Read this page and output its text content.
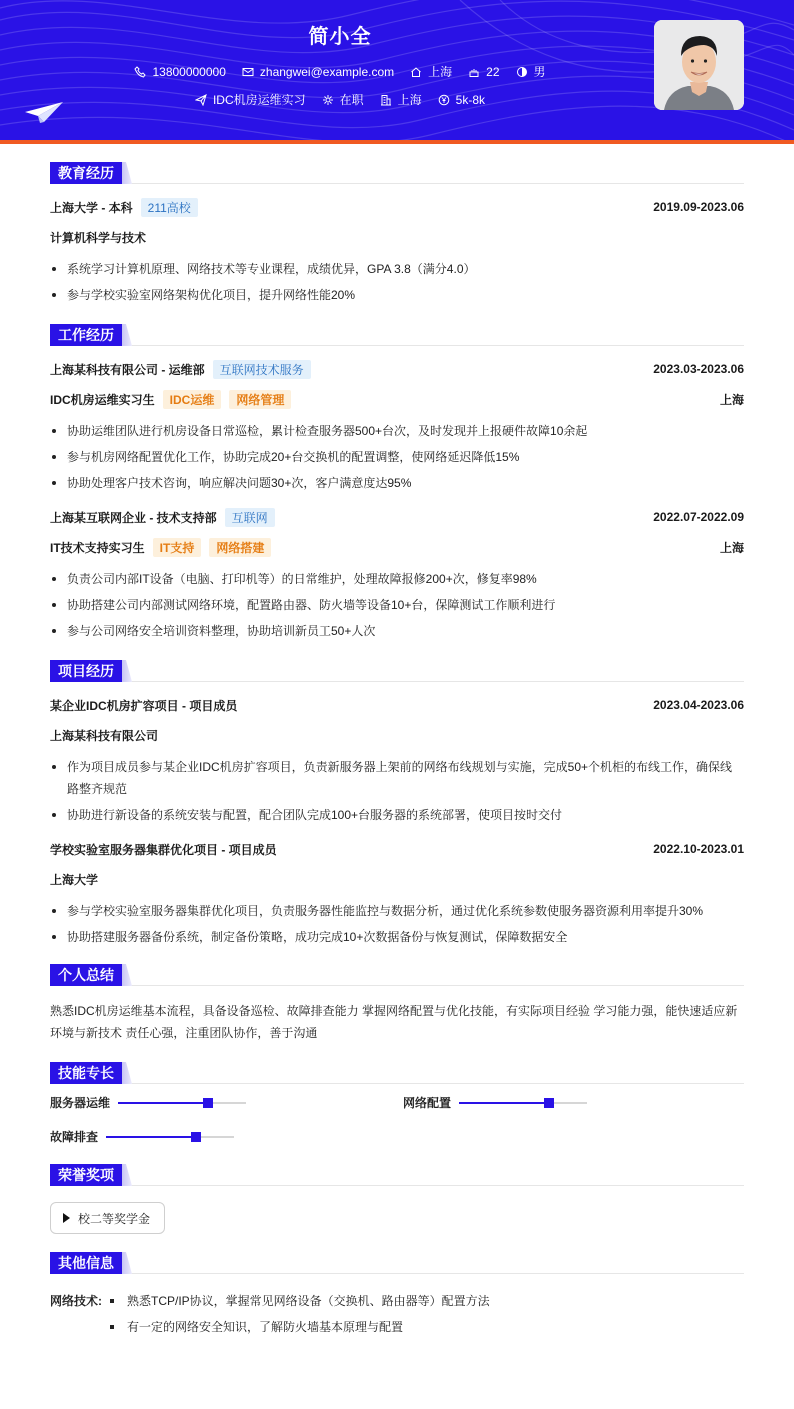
简小全
13800000000	zhangwei@example.com	上海	22	男
IDC机房运维实习	在职	上海	5k-8k
教育经历
上海大学 - 本科	211高校	2019.09-2023.06
计算机科学与技术
系统学习计算机原理、网络技术等专业课程，成绩优异，GPA 3.8（满分4.0）
参与学校实验室网络架构优化项目，提升网络性能20%
工作经历
上海某科技有限公司 - 运维部	互联网技术服务	2023.03-2023.06
IDC机房运维实习生	IDC运维	网络管理	上海
协助运维团队进行机房设备日常巡检，累计检查服务器500+台次，及时发现并上报硬件故障10余起
参与机房网络配置优化工作，协助完成20+台交换机的配置调整，使网络延迟降低15%
协助处理客户技术咨询，响应解决问题30+次，客户满意度达95%
上海某互联网企业 - 技术支持部	互联网	2022.07-2022.09
IT技术支持实习生	IT支持	网络搭建	上海
负责公司内部IT设备（电脑、打印机等）的日常维护，处理故障报修200+次，修复率98%
协助搭建公司内部测试网络环境，配置路由器、防火墙等设备10+台，保障测试工作顺利进行
参与公司网络安全培训资料整理，协助培训新员工50+人次
项目经历
某企业IDC机房扩容项目 - 项目成员	2023.04-2023.06
上海某科技有限公司
作为项目成员参与某企业IDC机房扩容项目，负责新服务器上架前的网络布线规划与实施，完成50+个机柜的布线工作，确保线路整齐规范
协助进行新设备的系统安装与配置，配合团队完成100+台服务器的系统部署，使项目按时交付
学校实验室服务器集群优化项目 - 项目成员	2022.10-2023.01
上海大学
参与学校实验室服务器集群优化项目，负责服务器性能监控与数据分析，通过优化系统参数使服务器资源利用率提升30%
协助搭建服务器备份系统，制定备份策略，成功完成10+次数据备份与恢复测试，保障数据安全
个人总结
熟悉IDC机房运维基本流程，具备设备巡检、故障排查能力 掌握网络配置与优化技能，有实际项目经验 学习能力强，能快速适应新环境与新技术 责任心强，注重团队协作，善于沟通
技能专长
服务器运维	网络配置
故障排查
荣誉奖项
校二等奖学金
其他信息
网络技术:	熟悉TCP/IP协议，掌握常见网络设备（交换机、路由器等）配置方法
有一定的网络安全知识，了解防火墙基本原理与配置
